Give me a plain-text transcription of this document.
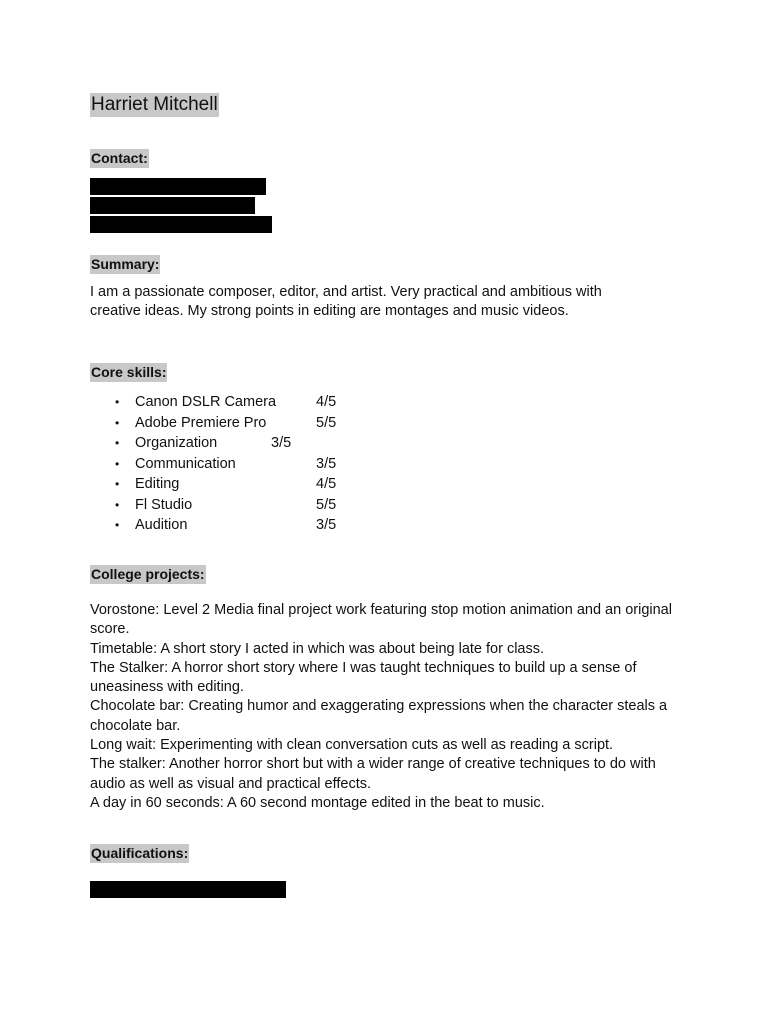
Harriet Mitchell
Contact:
Summary:

I am a passionate composer, editor, and artist. Very practical and ambitious with creative ideas. My strong points in editing are montages and music videos.

Core skills:
• Canon DSLR Camera	4/5
• Adobe Premiere Pro	5/5
• Organization	3/5
• Communication	3/5
• Editing	4/5
• Fl Studio	5/5
• Audition	3/5
College projects:
Vorostone: Level 2 Media final project work featuring stop motion animation and an original score.
Timetable: A short story I acted in which was about being late for class.
The Stalker: A horror short story where I was taught techniques to build up a sense of uneasiness with editing.
Chocolate bar: Creating humor and exaggerating expressions when the character steals a chocolate bar.
Long wait: Experimenting with clean conversation cuts as well as reading a script.
The stalker: Another horror short but with a wider range of creative techniques to do with audio as well as visual and practical effects.
A day in 60 seconds: A 60 second montage edited in the beat to music.
Qualifications:
